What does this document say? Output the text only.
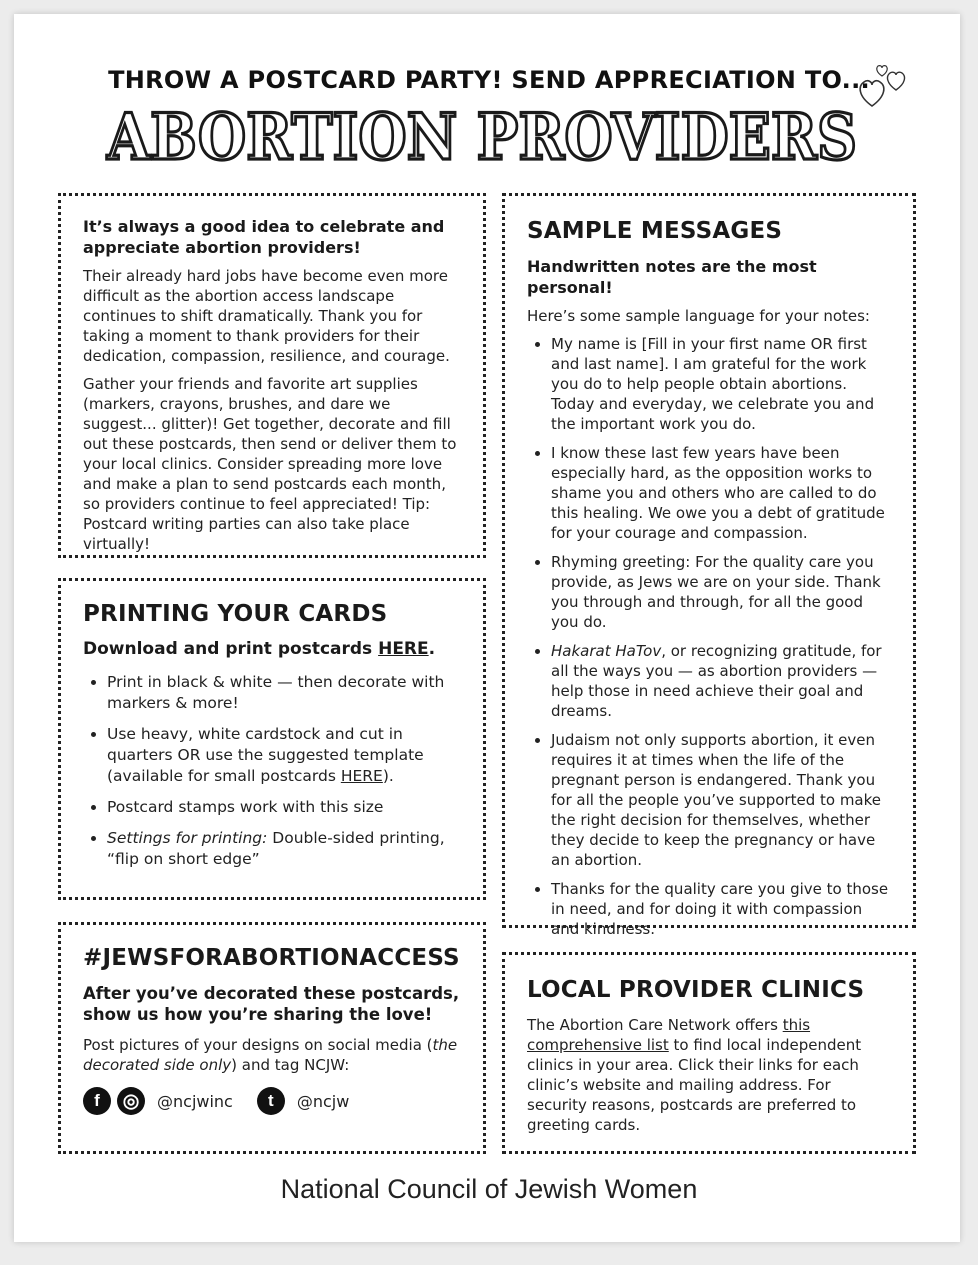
THROW A POSTCARD PARTY! SEND APPRECIATION TO...
ABORTION PROVIDERS

It’s always a good idea to celebrate and appreciate abortion providers!

Their already hard jobs have become even more difficult as the abortion access landscape continues to shift dramatically. Thank you for taking a moment to thank providers for their dedication, compassion, resilience, and courage.

Gather your friends and favorite art supplies (markers, crayons, brushes, and dare we suggest... glitter)! Get together, decorate and fill out these postcards, then send or deliver them to your local clinics. Consider spreading more love and make a plan to send postcards each month, so providers continue to feel appreciated! Tip: Postcard writing parties can also take place virtually!

PRINTING YOUR CARDS

Download and print postcards HERE.

• Print in black & white — then decorate with markers & more!
• Use heavy, white cardstock and cut in quarters OR use the suggested template (available for small postcards HERE).
• Postcard stamps work with this size
• Settings for printing: Double-sided printing, “flip on short edge”
#JEWSFORABORTIONACCESS

After you’ve decorated these postcards, show us how you’re sharing the love!

Post pictures of your designs on social media (the decorated side only) and tag NCJW:

f	◎	@ncjwinc	t	@ncjw
SAMPLE MESSAGES

Handwritten notes are the most personal!

Here’s some sample language for your notes:

• My name is [Fill in your first name OR first and last name]. I am grateful for the work you do to help people obtain abortions. Today and everyday, we celebrate you and the important work you do.
• I know these last few years have been especially hard, as the opposition works to shame you and others who are called to do this healing. We owe you a debt of gratitude for your courage and compassion.
• Rhyming greeting: For the quality care you provide, as Jews we are on your side. Thank you through and through, for all the good you do.
• Hakarat HaTov, or recognizing gratitude, for all the ways you — as abortion providers — help those in need achieve their goal and dreams.
• Judaism not only supports abortion, it even requires it at times when the life of the pregnant person is endangered. Thank you for all the people you’ve supported to make the right decision for themselves, whether they decide to keep the pregnancy or have an abortion.
• Thanks for the quality care you give to those in need, and for doing it with compassion and kindness.
LOCAL PROVIDER CLINICS

The Abortion Care Network offers this comprehensive list to find local independent clinics in your area. Click their links for each clinic’s website and mailing address. For security reasons, postcards are preferred to greeting cards.

National Council of Jewish Women
